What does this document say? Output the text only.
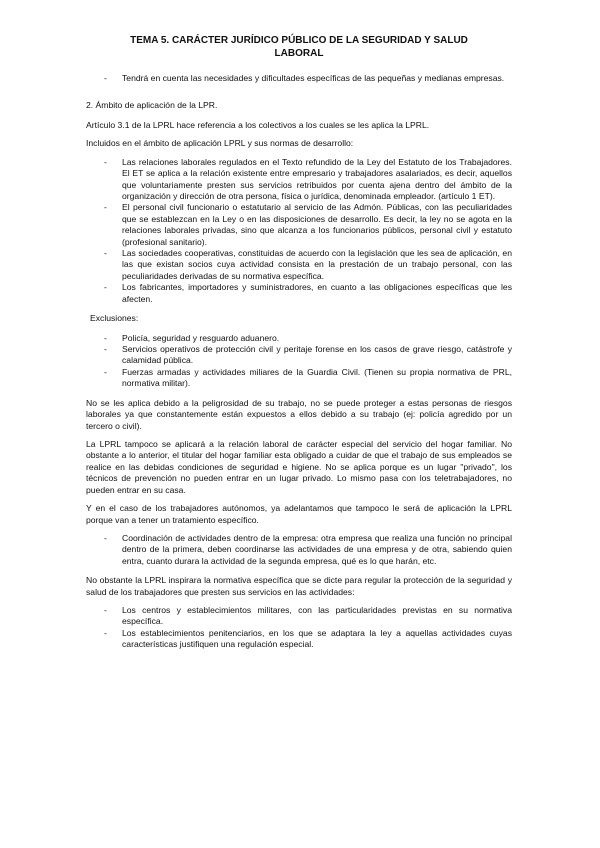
TEMA 5. CARÁCTER JURÍDICO PÚBLICO DE LA SEGURIDAD Y SALUD LABORAL
- Tendrá en cuenta las necesidades y dificultades específicas de las pequeñas y medianas empresas.

2. Ámbito de aplicación de la LPR.

Artículo 3.1 de la LPRL hace referencia a los colectivos a los cuales se les aplica la LPRL.

Incluidos en el ámbito de aplicación LPRL y sus normas de desarrollo:

- Las relaciones laborales regulados en el Texto refundido de la Ley del Estatuto de los Trabajadores. El ET se aplica a la relación existente entre empresario y trabajadores asalariados, es decir, aquellos que voluntariamente presten sus servicios retribuidos por cuenta ajena dentro del ámbito de la organización y dirección de otra persona, física o jurídica, denominada empleador. (artículo 1 ET).
- El personal civil funcionario o estatutario al servicio de las Admón. Públicas, con las peculiaridades que se establezcan en la Ley o en las disposiciones de desarrollo. Es decir, la ley no se agota en la relaciones laborales privadas, sino que alcanza a los funcionarios públicos, personal civil y estatuto (profesional sanitario).
- Las sociedades cooperativas, constituidas de acuerdo con la legislación que les sea de aplicación, en las que existan socios cuya actividad consista en la prestación de un trabajo personal, con las peculiaridades derivadas de su normativa específica.
- Los fabricantes, importadores y suministradores, en cuanto a las obligaciones específicas que les afecten.

Exclusiones:

- Policía, seguridad y resguardo aduanero.
- Servicios operativos de protección civil y peritaje forense en los casos de grave riesgo, catástrofe y calamidad pública.
- Fuerzas armadas y actividades miliares de la Guardia Civil. (Tienen su propia normativa de PRL, normativa militar).

No se les aplica debido a la peligrosidad de su trabajo, no se puede proteger a estas personas de riesgos laborales ya que constantemente están expuestos a ellos debido a su trabajo (ej: policía agredido por un tercero o civil).

La LPRL tampoco se aplicará a la relación laboral de carácter especial del servicio del hogar familiar. No obstante a lo anterior, el titular del hogar familiar esta obligado a cuidar de que el trabajo de sus empleados se realice en las debidas condiciones de seguridad e higiene. No se aplica porque es un lugar "privado", los técnicos de prevención no pueden entrar en un lugar privado. Lo mismo pasa con los teletrabajadores, no pueden entrar en su casa.

Y en el caso de los trabajadores autónomos, ya adelantamos que tampoco le será de aplicación la LPRL porque van a tener un tratamiento específico.

- Coordinación de actividades dentro de la empresa: otra empresa que realiza una función no principal dentro de la primera, deben coordinarse las actividades de una empresa y de otra, sabiendo quien entra, cuanto durara la actividad de la segunda empresa, qué es lo que harán, etc.

No obstante la LPRL inspirara la normativa específica que se dicte para regular la protección de la seguridad y salud de los trabajadores que presten sus servicios en las actividades:

- Los centros y establecimientos militares, con las particularidades previstas en su normativa específica.
- Los establecimientos penitenciarios, en los que se adaptara la ley a aquellas actividades cuyas características justifiquen una regulación especial.
